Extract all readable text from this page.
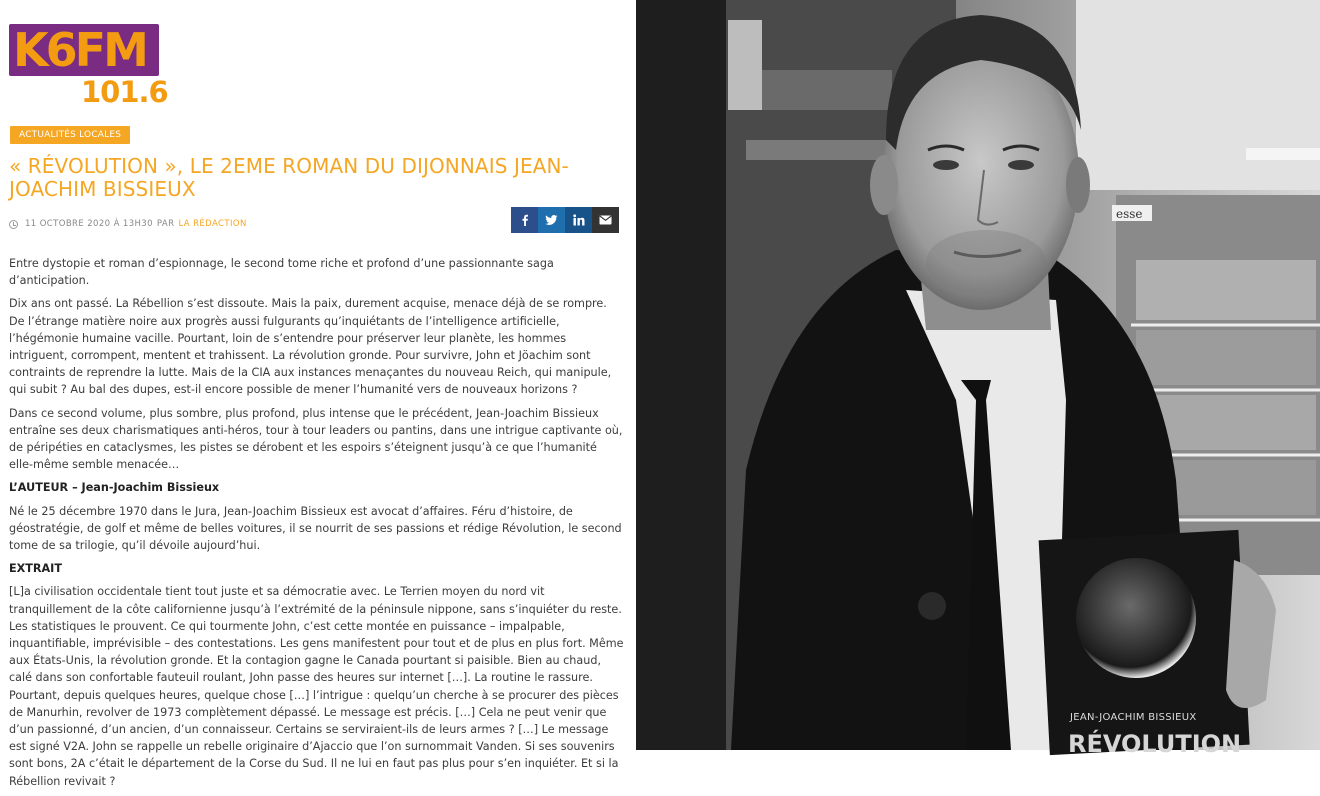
K6FM
101.6
ACTUALITÉS LOCALES
« RÉVOLUTION », LE 2EME ROMAN DU DIJONNAIS JEAN-JOACHIM BISSIEUX
11 OCTOBRE 2020 À 13H30 PAR LA RÉDACTION

Entre dystopie et roman d’espionnage, le second tome riche et profond d’une passionnante saga d’anticipation.

Dix ans ont passé. La Rébellion s’est dissoute. Mais la paix, durement acquise, menace déjà de se rompre. De l’étrange matière noire aux progrès aussi fulgurants qu’inquiétants de l’intelligence artificielle, l’hégémonie humaine vacille. Pourtant, loin de s’entendre pour préserver leur planète, les hommes intriguent, corrompent, mentent et trahissent. La révolution gronde. Pour survivre, John et Jöachim sont contraints de reprendre la lutte. Mais de la CIA aux instances menaçantes du nouveau Reich, qui manipule, qui subit ? Au bal des dupes, est-il encore possible de mener l’humanité vers de nouveaux horizons ?

Dans ce second volume, plus sombre, plus profond, plus intense que le précédent, Jean-Joachim Bissieux entraîne ses deux charismatiques anti-héros, tour à tour leaders ou pantins, dans une intrigue captivante où, de péripéties en cataclysmes, les pistes se dérobent et les espoirs s’éteignent jusqu’à ce que l’humanité elle-même semble menacée…

L’AUTEUR – Jean-Joachim Bissieux

Né le 25 décembre 1970 dans le Jura, Jean-Joachim Bissieux est avocat d’affaires. Féru d’histoire, de géostratégie, de golf et même de belles voitures, il se nourrit de ses passions et rédige Révolution, le second tome de sa trilogie, qu’il dévoile aujourd’hui.

EXTRAIT

[L]a civilisation occidentale tient tout juste et sa démocratie avec. Le Terrien moyen du nord vit tranquillement de la côte californienne jusqu’à l’extrémité de la péninsule nippone, sans s’inquiéter du reste. Les statistiques le prouvent. Ce qui tourmente John, c’est cette montée en puissance – impalpable, inquantifiable, imprévisible – des contestations. Les gens manifestent pour tout et de plus en plus fort. Même aux États-Unis, la révolution gronde. Et la contagion gagne le Canada pourtant si paisible. Bien au chaud, calé dans son confortable fauteuil roulant, John passe des heures sur internet […]. La routine le rassure. Pourtant, depuis quelques heures, quelque chose […] l’intrigue : quelqu’un cherche à se procurer des pièces de Manurhin, revolver de 1973 complètement dépassé. Le message est précis. […] Cela ne peut venir que d’un passionné, d’un ancien, d’un connaisseur. Certains se serviraient-ils de leurs armes ? […] Le message est signé V2A. John se rappelle un rebelle originaire d’Ajaccio que l’on surnommait Vanden. Si ses souvenirs sont bons, 2A c’était le département de la Corse du Sud. Il ne lui en faut pas plus pour s’en inquiéter. Et si la Rébellion revivait ?

esse
JEAN-JOACHIM BISSIEUX
RÉVOLUTION
